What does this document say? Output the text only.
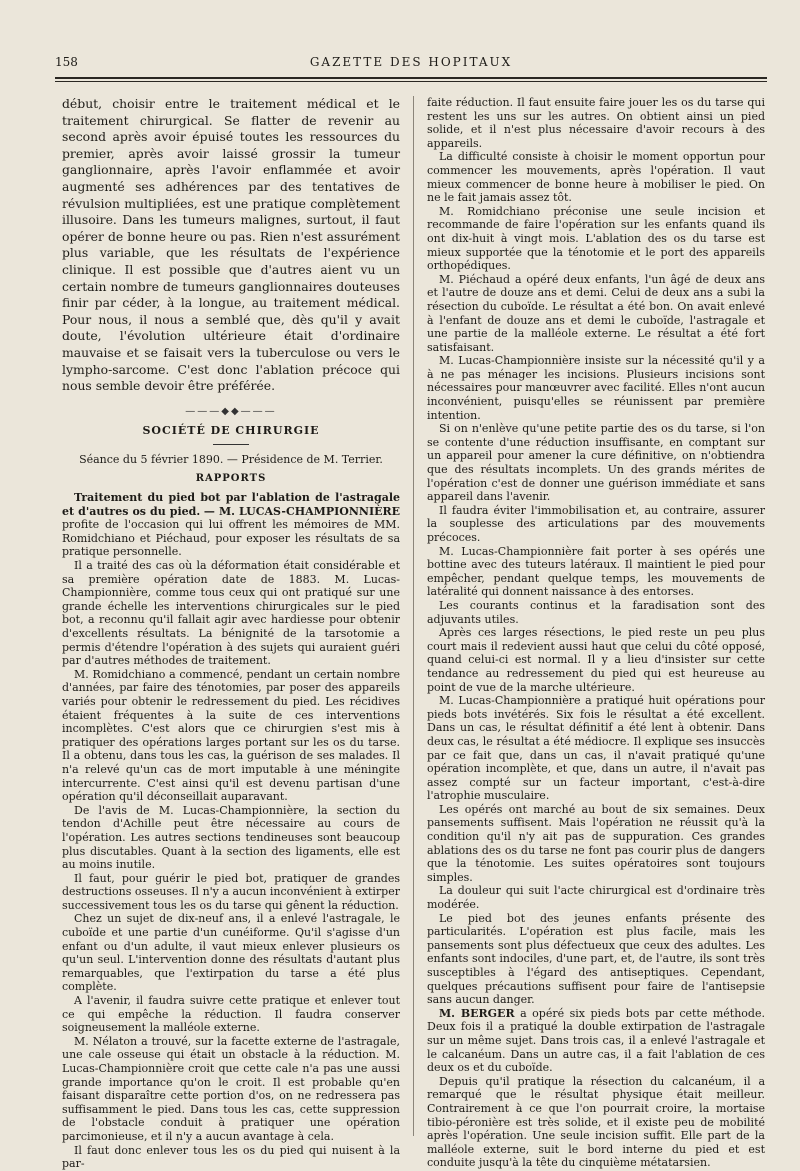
158	GAZETTE DES HOPITAUX

début, choisir entre le traitement médical et le traitement chirurgical. Se flatter de revenir au second après avoir épuisé toutes les ressources du premier, après avoir laissé grossir la tumeur ganglionnaire, après l'avoir enflammée et avoir augmenté ses adhérences par des tentatives de révulsion multipliées, est une pratique complètement illusoire. Dans les tumeurs malignes, surtout, il faut opérer de bonne heure ou pas. Rien n'est assurément plus variable, que les résultats de l'expérience clinique. Il est possible que d'autres aient vu un certain nombre de tumeurs ganglionnaires douteuses finir par céder, à la longue, au traitement médical. Pour nous, il nous a semblé que, dès qu'il y avait doute, l'évolution ultérieure était d'ordinaire mauvaise et se faisait vers la tuberculose ou vers le lympho-sarcome. C'est donc l'ablation précoce qui nous semble devoir être préférée.

———◆◆———
SOCIÉTÉ DE CHIRURGIE
Séance du 5 février 1890. — Présidence de M. Terrier.
RAPPORTS

Traitement du pied bot par l'ablation de l'astragale et d'autres os du pied. — M. LUCAS-CHAMPIONNIÈRE profite de l'occasion qui lui offrent les mémoires de MM. Romidchiano et Piéchaud, pour exposer les résultats de sa pratique personnelle.

Il a traité des cas où la déformation était considérable et sa première opération date de 1883. M. Lucas-Championnière, comme tous ceux qui ont pratiqué sur une grande échelle les interventions chirurgicales sur le pied bot, a reconnu qu'il fallait agir avec hardiesse pour obtenir d'excellents résultats. La bénignité de la tarsotomie a permis d'étendre l'opération à des sujets qui auraient guéri par d'autres méthodes de traitement.

M. Romidchiano a commencé, pendant un certain nombre d'années, par faire des ténotomies, par poser des appareils variés pour obtenir le redressement du pied. Les récidives étaient fréquentes à la suite de ces interventions incomplètes. C'est alors que ce chirurgien s'est mis à pratiquer des opérations larges portant sur les os du tarse. Il a obtenu, dans tous les cas, la guérison de ses malades. Il n'a relevé qu'un cas de mort imputable à une méningite intercurrente. C'est ainsi qu'il est devenu partisan d'une opération qu'il déconseillait auparavant.

De l'avis de M. Lucas-Championnière, la section du tendon d'Achille peut être nécessaire au cours de l'opération. Les autres sections tendineuses sont beaucoup plus discutables. Quant à la section des ligaments, elle est au moins inutile.

Il faut, pour guérir le pied bot, pratiquer de grandes destructions osseuses. Il n'y a aucun inconvénient à extirper successivement tous les os du tarse qui gênent la réduction.

Chez un sujet de dix-neuf ans, il a enlevé l'astragale, le cuboïde et une partie d'un cunéiforme. Qu'il s'agisse d'un enfant ou d'un adulte, il vaut mieux enlever plusieurs os qu'un seul. L'intervention donne des résultats d'autant plus remarquables, que l'extirpation du tarse a été plus complète.

A l'avenir, il faudra suivre cette pratique et enlever tout ce qui empêche la réduction. Il faudra conserver soigneusement la malléole externe.

M. Nélaton a trouvé, sur la facette externe de l'astragale, une cale osseuse qui était un obstacle à la réduction. M. Lucas-Championnière croit que cette cale n'a pas une aussi grande importance qu'on le croit. Il est probable qu'en faisant disparaître cette portion d'os, on ne redressera pas suffisamment le pied. Dans tous les cas, cette suppression de l'obstacle conduit à pratiquer une opération parcimonieuse, et il n'y a aucun avantage à cela.

Il faut donc enlever tous les os du pied qui nuisent à la par-

faite réduction. Il faut ensuite faire jouer les os du tarse qui restent les uns sur les autres. On obtient ainsi un pied solide, et il n'est plus nécessaire d'avoir recours à des appareils.

La difficulté consiste à choisir le moment opportun pour commencer les mouvements, après l'opération. Il vaut mieux commencer de bonne heure à mobiliser le pied. On ne le fait jamais assez tôt.

M. Romidchiano préconise une seule incision et recommande de faire l'opération sur les enfants quand ils ont dix-huit à vingt mois. L'ablation des os du tarse est mieux supportée que la ténotomie et le port des appareils orthopédiques.

M. Piéchaud a opéré deux enfants, l'un âgé de deux ans et l'autre de douze ans et demi. Celui de deux ans a subi la résection du cuboïde. Le résultat a été bon. On avait enlevé à l'enfant de douze ans et demi le cuboïde, l'astragale et une partie de la malléole externe. Le résultat a été fort satisfaisant.

M. Lucas-Championnière insiste sur la nécessité qu'il y a à ne pas ménager les incisions. Plusieurs incisions sont nécessaires pour manœuvrer avec facilité. Elles n'ont aucun inconvénient, puisqu'elles se réunissent par première intention.

Si on n'enlève qu'une petite partie des os du tarse, si l'on se contente d'une réduction insuffisante, en comptant sur un appareil pour amener la cure définitive, on n'obtiendra que des résultats incomplets. Un des grands mérites de l'opération c'est de donner une guérison immédiate et sans appareil dans l'avenir.

Il faudra éviter l'immobilisation et, au contraire, assurer la souplesse des articulations par des mouvements précoces.

M. Lucas-Championnière fait porter à ses opérés une bottine avec des tuteurs latéraux. Il maintient le pied pour empêcher, pendant quelque temps, les mouvements de latéralité qui donnent naissance à des entorses.

Les courants continus et la faradisation sont des adjuvants utiles.

Après ces larges résections, le pied reste un peu plus court mais il redevient aussi haut que celui du côté opposé, quand celui-ci est normal. Il y a lieu d'insister sur cette tendance au redressement du pied qui est heureuse au point de vue de la marche ultérieure.

M. Lucas-Championnière a pratiqué huit opérations pour pieds bots invétérés. Six fois le résultat a été excellent. Dans un cas, le résultat définitif a été lent à obtenir. Dans deux cas, le résultat a été médiocre. Il explique ses insuccès par ce fait que, dans un cas, il n'avait pratiqué qu'une opération incomplète, et que, dans un autre, il n'avait pas assez compté sur un facteur important, c'est-à-dire l'atrophie musculaire.

Les opérés ont marché au bout de six semaines. Deux pansements suffisent. Mais l'opération ne réussit qu'à la condition qu'il n'y ait pas de suppuration. Ces grandes ablations des os du tarse ne font pas courir plus de dangers que la ténotomie. Les suites opératoires sont toujours simples.

La douleur qui suit l'acte chirurgical est d'ordinaire très modérée.

Le pied bot des jeunes enfants présente des particularités. L'opération est plus facile, mais les pansements sont plus défectueux que ceux des adultes. Les enfants sont indociles, d'une part, et, de l'autre, ils sont très susceptibles à l'égard des antiseptiques. Cependant, quelques précautions suffisent pour faire de l'antisepsie sans aucun danger.

M. BERGER a opéré six pieds bots par cette méthode. Deux fois il a pratiqué la double extirpation de l'astragale sur un même sujet. Dans trois cas, il a enlevé l'astragale et le calcanéum. Dans un autre cas, il a fait l'ablation de ces deux os et du cuboïde.

Depuis qu'il pratique la résection du calcanéum, il a remarqué que le résultat physique était meilleur. Contrairement à ce que l'on pourrait croire, la mortaise tibio-péronière est très solide, et il existe peu de mobilité après l'opération. Une seule incision suffit. Elle part de la malléole externe, suit le bord interne du pied et est conduite jusqu'à la tête du cinquième métatarsien.
